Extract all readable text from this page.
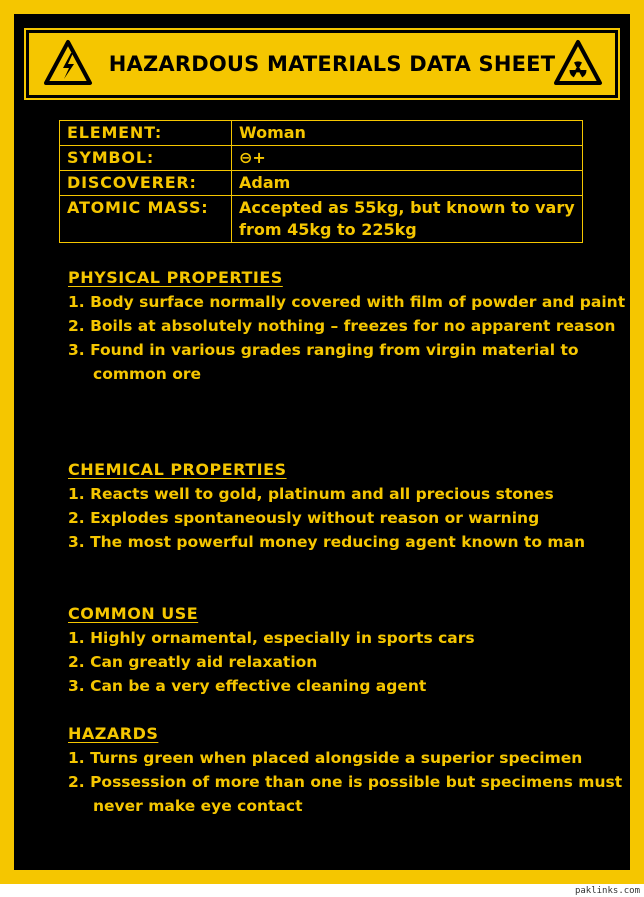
HAZARDOUS MATERIALS DATA SHEET
ELEMENT:	Woman
SYMBOL:	⊖+
DISCOVERER:	Adam
ATOMIC MASS:	Accepted as 55kg, but known to vary from 45kg to 225kg
PHYSICAL PROPERTIES
1. Body surface normally covered with film of powder and paint
2. Boils at absolutely nothing – freezes for no apparent reason
3. Found in various grades ranging from virgin material to common ore
CHEMICAL PROPERTIES
1. Reacts well to gold, platinum and all precious stones
2. Explodes spontaneously without reason or warning
3. The most powerful money reducing agent known to man
COMMON USE
1. Highly ornamental, especially in sports cars
2. Can greatly aid relaxation
3. Can be a very effective cleaning agent
HAZARDS
1. Turns green when placed alongside a superior specimen
2. Possession of more than one is possible but specimens must never make eye contact
paklinks.com
